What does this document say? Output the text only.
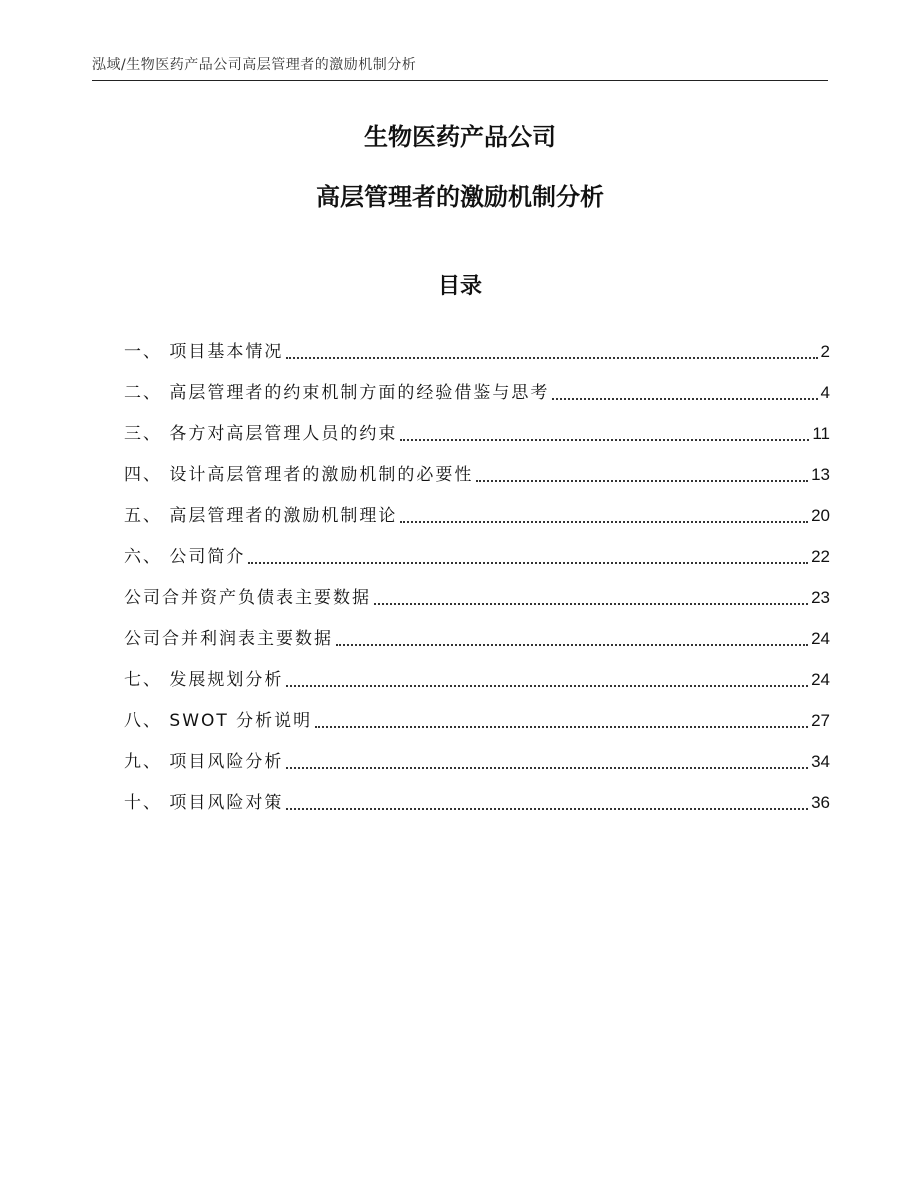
泓域/生物医药产品公司高层管理者的激励机制分析
生物医药产品公司
高层管理者的激励机制分析
目录
一、 项目基本情况	2
二、 高层管理者的约束机制方面的经验借鉴与思考	4
三、 各方对高层管理人员的约束	11
四、 设计高层管理者的激励机制的必要性	13
五、 高层管理者的激励机制理论	20
六、 公司简介	22
公司合并资产负债表主要数据	23
公司合并利润表主要数据	24
七、 发展规划分析	24
八、 SWOT 分析说明	27
九、 项目风险分析	34
十、 项目风险对策	36
